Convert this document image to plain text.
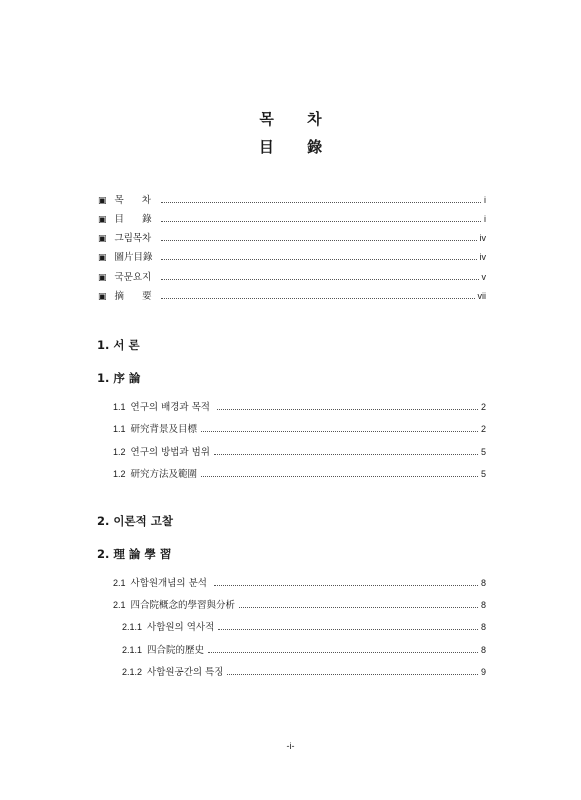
목 차
目 錄
▣ 목      차	i
▣ 目      錄	i
▣ 그림목차	iv
▣ 圖片目錄	iv
▣ 국문요지	v
▣ 摘      要	vii
1. 서 론
1. 序 論
1.1 연구의 배경과 목적	2
1.1 研究背景及目標	2
1.2 연구의 방법과 범위	5
1.2 研究方法及範圍	5
2. 이론적 고찰
2. 理 論 學 習
2.1 사합원개념의 분석	8
2.1 四合院概念的學習與分析	8
2.1.1 사합원의 역사적	8
2.1.1 四合院的歷史	8
2.1.2 사합원공간의 특징	9
-i-
